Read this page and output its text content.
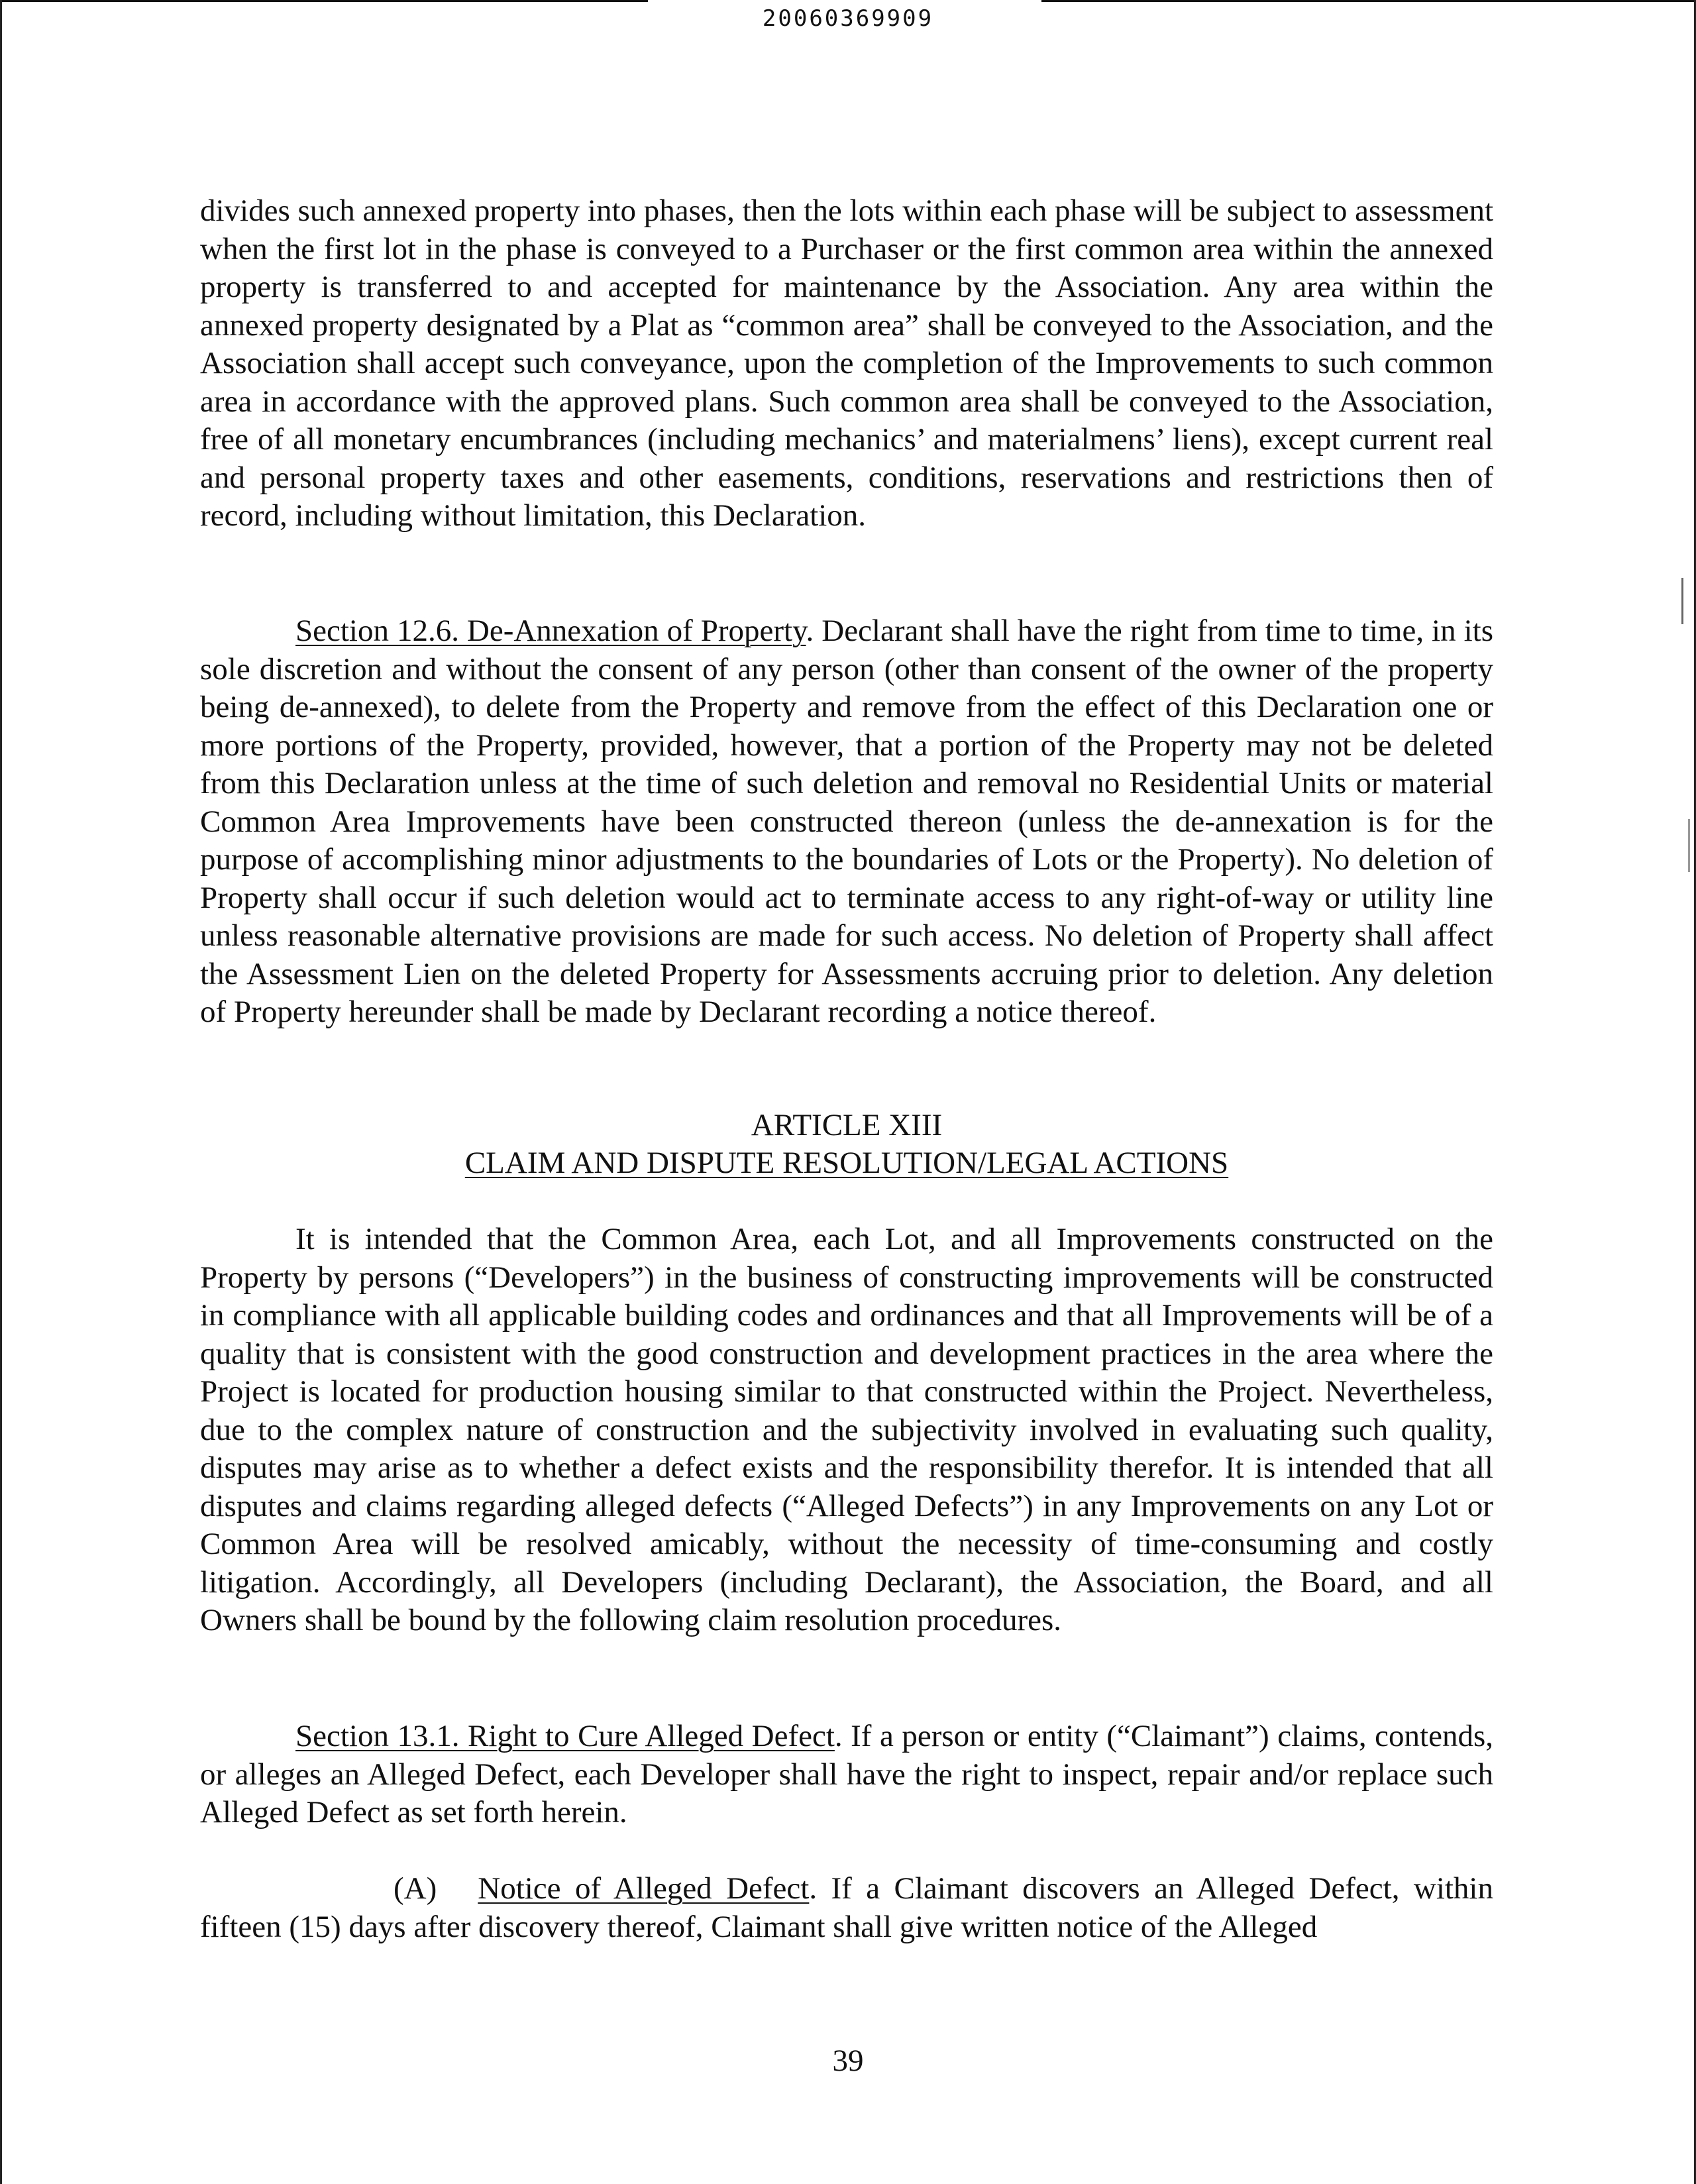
20060369909

divides such annexed property into phases, then the lots within each phase will be subject to assessment when the first lot in the phase is conveyed to a Purchaser or the first common area within the annexed property is transferred to and accepted for maintenance by the Association. Any area within the annexed property designated by a Plat as “common area” shall be conveyed to the Association, and the Association shall accept such conveyance, upon the completion of the Improvements to such common area in accordance with the approved plans. Such common area shall be conveyed to the Association, free of all monetary encumbrances (including mechanics’ and materialmens’ liens), except current real and personal property taxes and other easements, conditions, reservations and restrictions then of record, including without limitation, this Declaration.

Section 12.6. De-Annexation of Property. Declarant shall have the right from time to time, in its sole discretion and without the consent of any person (other than consent of the owner of the property being de-annexed), to delete from the Property and remove from the effect of this Declaration one or more portions of the Property, provided, however, that a portion of the Property may not be deleted from this Declaration unless at the time of such deletion and removal no Residential Units or material Common Area Improvements have been constructed thereon (unless the de-annexation is for the purpose of accomplishing minor adjustments to the boundaries of Lots or the Property). No deletion of Property shall occur if such deletion would act to terminate access to any right-of-way or utility line unless reasonable alternative provisions are made for such access. No deletion of Property shall affect the Assessment Lien on the deleted Property for Assessments accruing prior to deletion. Any deletion of Property hereunder shall be made by Declarant recording a notice thereof.

ARTICLE XIII

CLAIM AND DISPUTE RESOLUTION/LEGAL ACTIONS

It is intended that the Common Area, each Lot, and all Improvements constructed on the Property by persons (“Developers”) in the business of constructing improvements will be constructed in compliance with all applicable building codes and ordinances and that all Improvements will be of a quality that is consistent with the good construction and development practices in the area where the Project is located for production housing similar to that constructed within the Project. Nevertheless, due to the complex nature of construction and the subjectivity involved in evaluating such quality, disputes may arise as to whether a defect exists and the responsibility therefor. It is intended that all disputes and claims regarding alleged defects (“Alleged Defects”) in any Improvements on any Lot or Common Area will be resolved amicably, without the necessity of time-consuming and costly litigation. Accordingly, all Developers (including Declarant), the Association, the Board, and all Owners shall be bound by the following claim resolution procedures.

Section 13.1. Right to Cure Alleged Defect. If a person or entity (“Claimant”) claims, contends, or alleges an Alleged Defect, each Developer shall have the right to inspect, repair and/or replace such Alleged Defect as set forth herein.

(A) Notice of Alleged Defect. If a Claimant discovers an Alleged Defect, within fifteen (15) days after discovery thereof, Claimant shall give written notice of the Alleged

39
